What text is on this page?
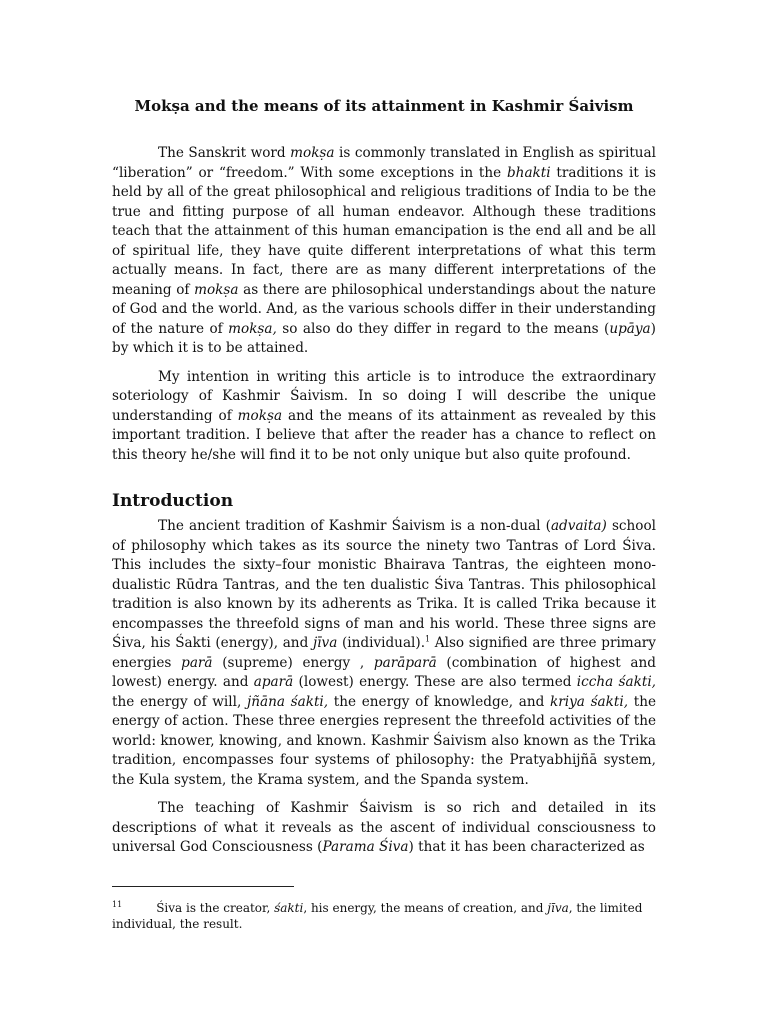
Mokṣa and the means of its attainment in Kashmir Śaivism

The Sanskrit word mokṣa is commonly translated in English as spiritual “liberation” or “freedom.” With some exceptions in the bhakti traditions it is held by all of the great philosophical and religious traditions of India to be the true and fitting purpose of all human endeavor. Although these traditions teach that the attainment of this human emancipation is the end all and be all of spiritual life, they have quite different interpretations of what this term actually means. In fact, there are as many different interpretations of the meaning of mokṣa as there are philosophical understandings about the nature of God and the world. And, as the various schools differ in their understanding of the nature of mokṣa, so also do they differ in regard to the means (upāya) by which it is to be attained.

My intention in writing this article is to introduce the extraordinary soteriology of Kashmir Śaivism. In so doing I will describe the unique understanding of mokṣa and the means of its attainment as revealed by this important tradition. I believe that after the reader has a chance to reflect on this theory he/she will find it to be not only unique but also quite profound.

Introduction

The ancient tradition of Kashmir Śaivism is a non-dual (advaita) school of philosophy which takes as its source the ninety two Tantras of Lord Śiva. This includes the sixty–four monistic Bhairava Tantras, the eighteen mono-dualistic Rūdra Tantras, and the ten dualistic Śiva Tantras. This philosophical tradition is also known by its adherents as Trika. It is called Trika because it encompasses the threefold signs of man and his world. These three signs are Śiva, his Śakti (energy), and jīva (individual).$^1$ Also signified are three primary energies parā (supreme) energy , parāparā (combination of highest and lowest) energy. and aparā (lowest) energy. These are also termed iccha śakti, the energy of will, jñāna śakti, the energy of knowledge, and kriya śakti, the energy of action. These three energies represent the threefold activities of the world: knower, knowing, and known. Kashmir Śaivism also known as the Trika tradition, encompasses four systems of philosophy: the Pratyabhijñā system, the Kula system, the Krama system, and the Spanda system.

The teaching of Kashmir Śaivism is so rich and detailed in its descriptions of what it reveals as the ascent of individual consciousness to universal God Consciousness (Parama Śiva) that it has been characterized as

$^{11}$	Śiva is the creator, śakti, his energy, the means of creation, and jīva, the limited individual, the result.
